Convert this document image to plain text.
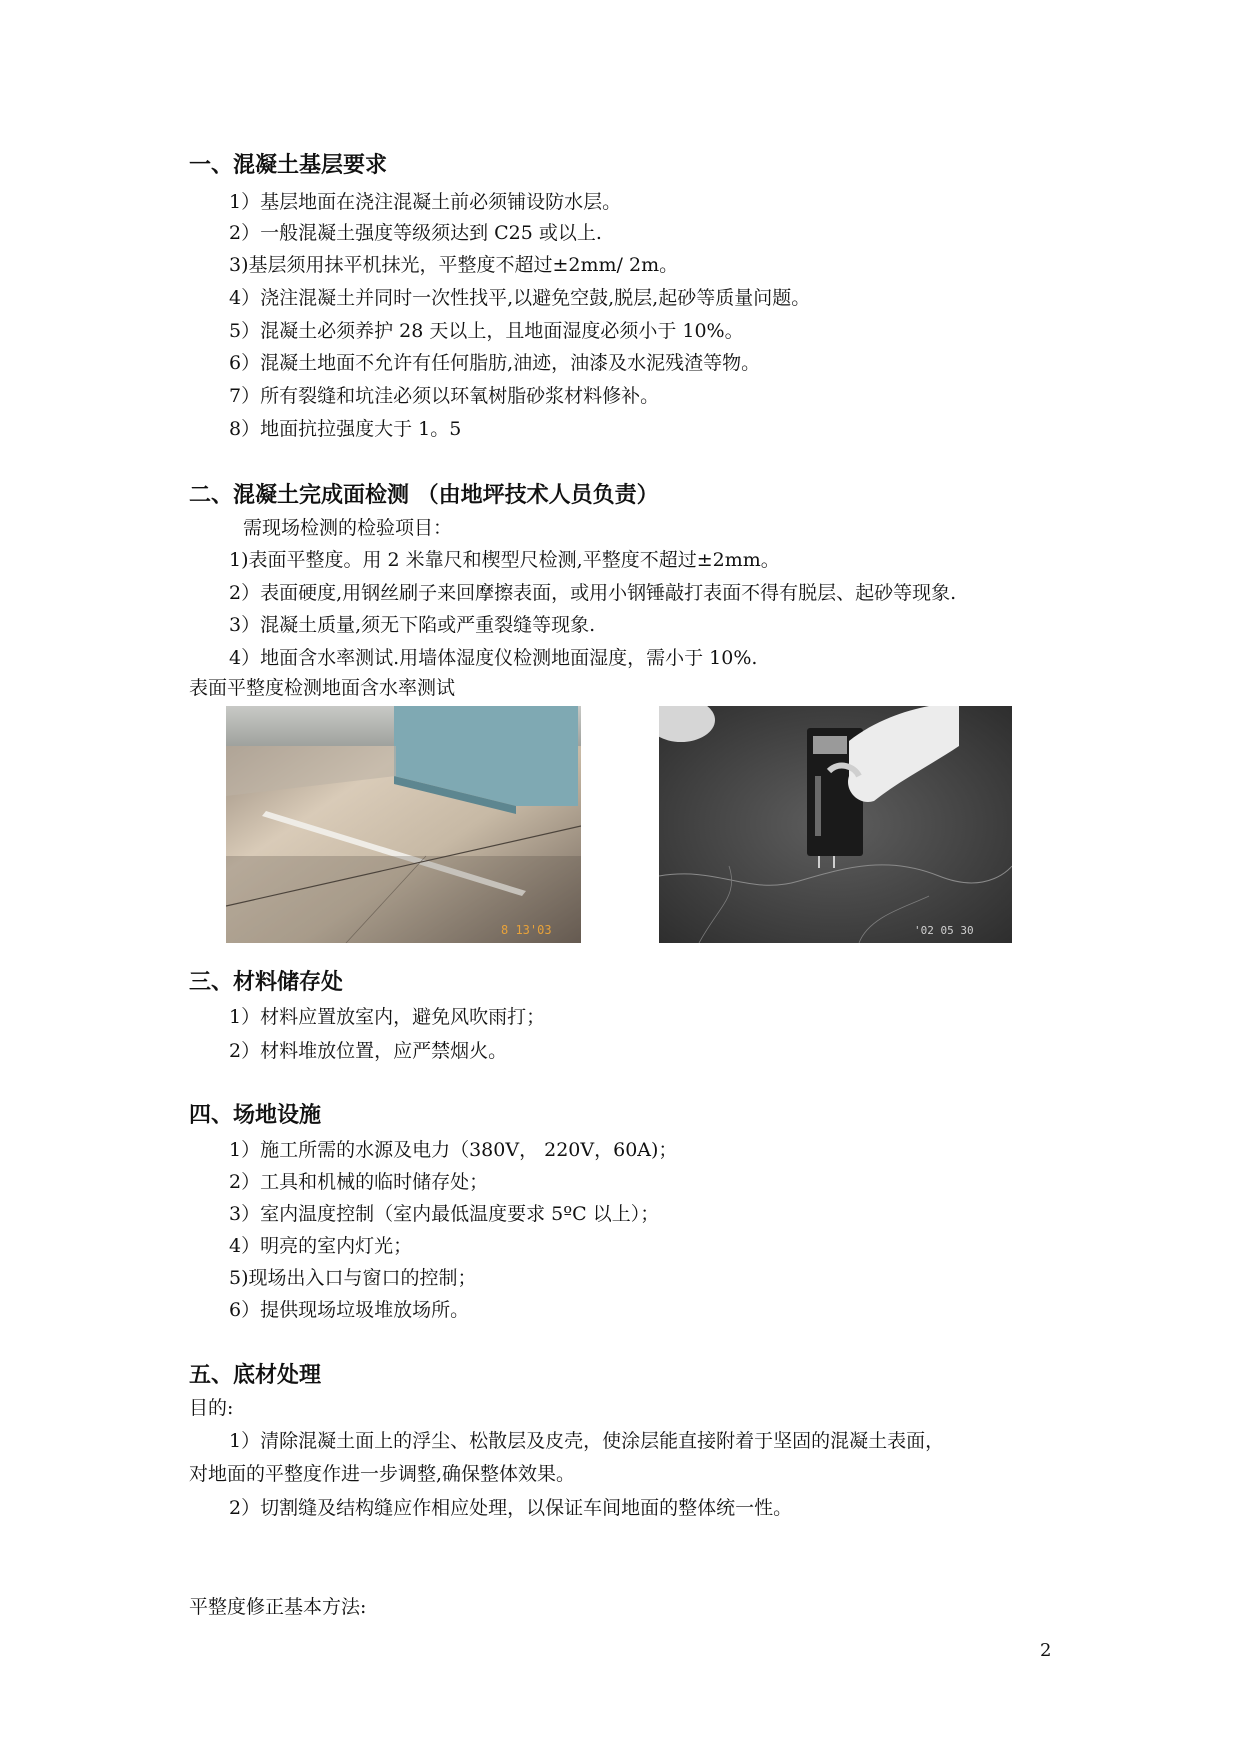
一、混凝土基层要求
1）基层地面在浇注混凝土前必须铺设防水层。
2）一般混凝土强度等级须达到 C25 或以上.
3)基层须用抹平机抹光，平整度不超过±2mm/ 2m。
4）浇注混凝土并同时一次性找平,以避免空鼓,脱层,起砂等质量问题。
5）混凝土必须养护 28 天以上，且地面湿度必须小于 10%。
6）混凝土地面不允许有任何脂肪,油迹，油漆及水泥残渣等物。
7）所有裂缝和坑洼必须以环氧树脂砂浆材料修补。
8）地面抗拉强度大于 1。5
二、混凝土完成面检测 （由地坪技术人员负责）
需现场检测的检验项目：
1)表面平整度。用 2 米靠尺和楔型尺检测,平整度不超过±2mm。
2）表面硬度,用钢丝刷子来回摩擦表面，或用小钢锤敲打表面不得有脱层、起砂等现象.
3）混凝土质量,须无下陷或严重裂缝等现象.
4）地面含水率测试.用墙体湿度仪检测地面湿度，需小于 10%.
表面平整度检测地面含水率测试
8 13'03	'02 05 30
三、材料储存处
1）材料应置放室内，避免风吹雨打；
2）材料堆放位置，应严禁烟火。
四、场地设施
1）施工所需的水源及电力（380V， 220V，60A)；
2）工具和机械的临时储存处；
3）室内温度控制（室内最低温度要求 5ºC 以上）；
4）明亮的室内灯光；
5)现场出入口与窗口的控制；
6）提供现场垃圾堆放场所。
五、底材处理
目的:
1）清除混凝土面上的浮尘、松散层及皮壳，使涂层能直接附着于坚固的混凝土表面，
对地面的平整度作进一步调整,确保整体效果。
2）切割缝及结构缝应作相应处理，以保证车间地面的整体统一性。
平整度修正基本方法:
2
